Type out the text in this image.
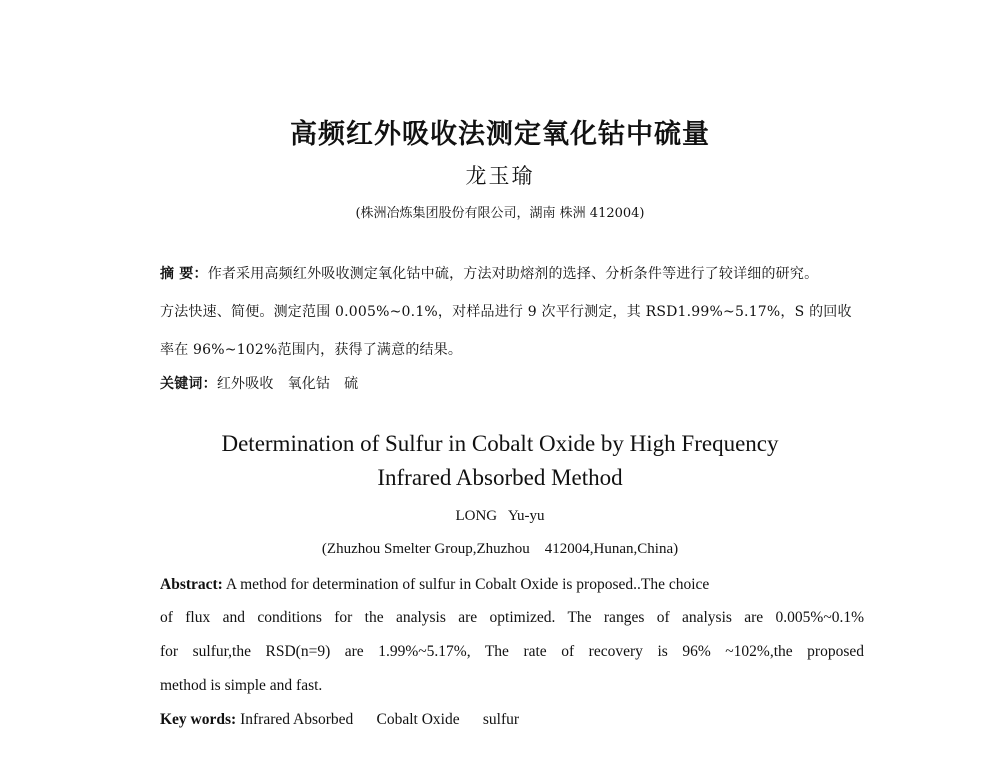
高频红外吸收法测定氧化钴中硫量
龙玉瑜
(株洲冶炼集团股份有限公司，湖南 株洲 412004)
摘 要：作者采用高频红外吸收测定氧化钴中硫，方法对助熔剂的选择、分析条件等进行了较详细的研究。
方法快速、简便。测定范围 0.005%~0.1%，对样品进行 9 次平行测定，其 RSD1.99%~5.17%，S 的回收
率在 96%~102%范围内，获得了满意的结果。
关键词：红外吸收   氧化钴   硫
Determination of Sulfur in Cobalt Oxide by High Frequency
Infrared Absorbed Method
LONG   Yu-yu
(Zhuzhou Smelter Group,Zhuzhou    412004,Hunan,China)
Abstract: A method for determination of sulfur in Cobalt Oxide is proposed..The choice
of flux and conditions for the analysis are optimized. The ranges of analysis are 0.005%~0.1%
for sulfur,the RSD(n=9) are 1.99%~5.17%, The rate of recovery is 96% ~102%,the proposed
method is simple and fast.
Key words: Infrared Absorbed      Cobalt Oxide      sulfur
